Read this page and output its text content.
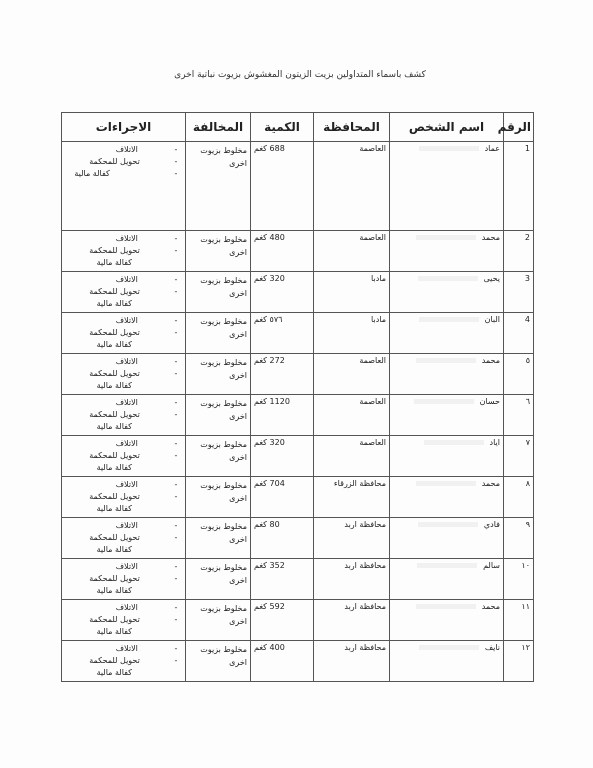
كشف باسماء المتداولين بزيت الزيتون المغشوش بزيوت نباتية اخرى
الرقم	اسم الشخص	المحافظة	الكمية	المخالفة	الاجراءات
1	عماد	العاصمة	688 كغم	مخلوط بزيوت اخرى	-    الاتلاف
-    تحويل للمحكمة
-    كفالة مالية

2	محمد	العاصمة	480 كغم	مخلوط بزيوت اخرى	-    الاتلاف
-    تحويل للمحكمة
كفالة مالية

3	يحيى	مادبا	320 كغم	مخلوط بزيوت اخرى	-    الاتلاف
-    تحويل للمحكمة
كفالة مالية

4	البان	مادبا	٥٧٦ كغم	مخلوط بزيوت اخرى	-    الاتلاف
-    تحويل للمحكمة
كفالة مالية

٥	محمد	العاصمة	272 كغم	مخلوط بزيوت اخرى	-    الاتلاف
-    تحويل للمحكمة
كفالة مالية

٦	حسان	العاصمة	1120 كغم	مخلوط بزيوت اخرى	-    الاتلاف
-    تحويل للمحكمة
كفالة مالية

٧	اياد	العاصمة	320 كغم	مخلوط بزيوت اخرى	-    الاتلاف
-    تحويل للمحكمة
كفالة مالية

٨	محمد	محافظة الزرقاء	704 كغم	مخلوط بزيوت اخرى	-    الاتلاف
-    تحويل للمحكمة
كفالة مالية

٩	فادي	محافظة اربد	80 كغم	مخلوط بزيوت اخرى	-    الاتلاف
-    تحويل للمحكمة
كفالة مالية

١٠	سالم	محافظة اربد	352 كغم	مخلوط بزيوت اخرى	-    الاتلاف
-    تحويل للمحكمة
كفالة مالية

١١	محمد	محافظة اربد	592 كغم	مخلوط بزيوت اخرى	-    الاتلاف
-    تحويل للمحكمة
كفالة مالية

١٢	نايف	محافظة اربد	400 كغم	مخلوط بزيوت اخرى	-    الاتلاف
-    تحويل للمحكمة
كفالة مالية
